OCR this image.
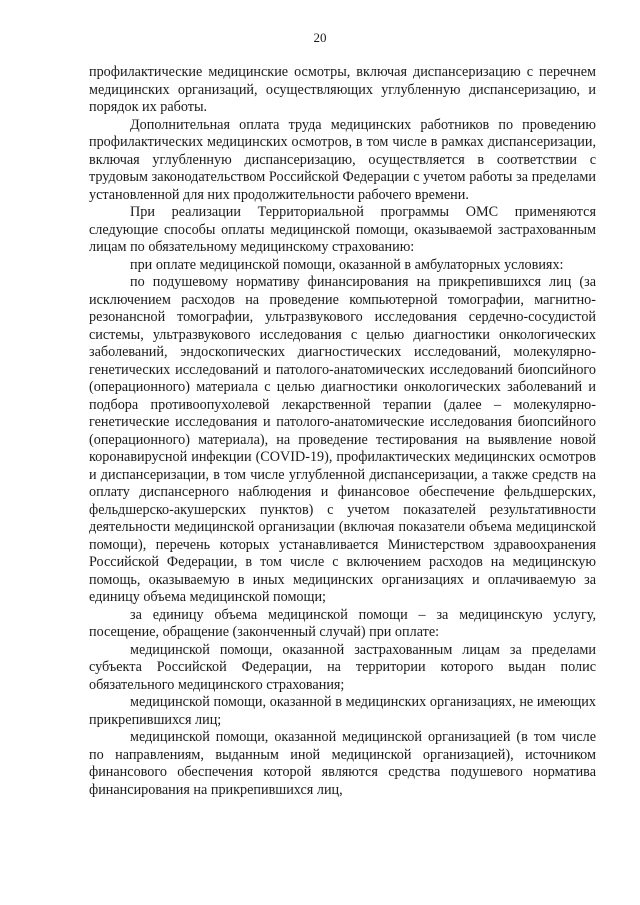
20

профилактические медицинские осмотры, включая диспансеризацию с перечнем медицинских организаций, осуществляющих углубленную диспансеризацию, и порядок их работы.

Дополнительная оплата труда медицинских работников по проведению профилактических медицинских осмотров, в том числе в рамках диспансеризации, включая углубленную диспансеризацию, осуществляется в соответствии с трудовым законодательством Российской Федерации с учетом работы за пределами установленной для них продолжительности рабочего времени.

При реализации Территориальной программы ОМС применяются следующие способы оплаты медицинской помощи, оказываемой застрахованным лицам по обязательному медицинскому страхованию:

при оплате медицинской помощи, оказанной в амбулаторных условиях:

по подушевому нормативу финансирования на прикрепившихся лиц (за исключением расходов на проведение компьютерной томографии, магнитно-резонансной томографии, ультразвукового исследования сердечно-сосудистой системы, ультразвукового исследования с целью диагностики онкологических заболеваний, эндоскопических диагностических исследований, молекулярно-генетических исследований и патолого-анатомических исследований биопсийного (операционного) материала с целью диагностики онкологических заболеваний и подбора противоопухолевой лекарственной терапии (далее – молекулярно-генетические исследования и патолого-анатомические исследования биопсийного (операционного) материала), на проведение тестирования на выявление новой коронавирусной инфекции (COVID-19), профилактических медицинских осмотров и диспансеризации, в том числе углубленной диспансеризации, а также средств на оплату диспансерного наблюдения и финансовое обеспечение фельдшерских, фельдшерско-акушерских пунктов) с учетом показателей результативности деятельности медицинской организации (включая показатели объема медицинской помощи), перечень которых устанавливается Министерством здравоохранения Российской Федерации, в том числе с включением расходов на медицинскую помощь, оказываемую в иных медицинских организациях и оплачиваемую за единицу объема медицинской помощи;

за единицу объема медицинской помощи – за медицинскую услугу, посещение, обращение (законченный случай) при оплате:

медицинской помощи, оказанной застрахованным лицам за пределами субъекта Российской Федерации, на территории которого выдан полис обязательного медицинского страхования;

медицинской помощи, оказанной в медицинских организациях, не имеющих прикрепившихся лиц;

медицинской помощи, оказанной медицинской организацией (в том числе по направлениям, выданным иной медицинской организацией), источником финансового обеспечения которой являются средства подушевого норматива финансирования на прикрепившихся лиц,
